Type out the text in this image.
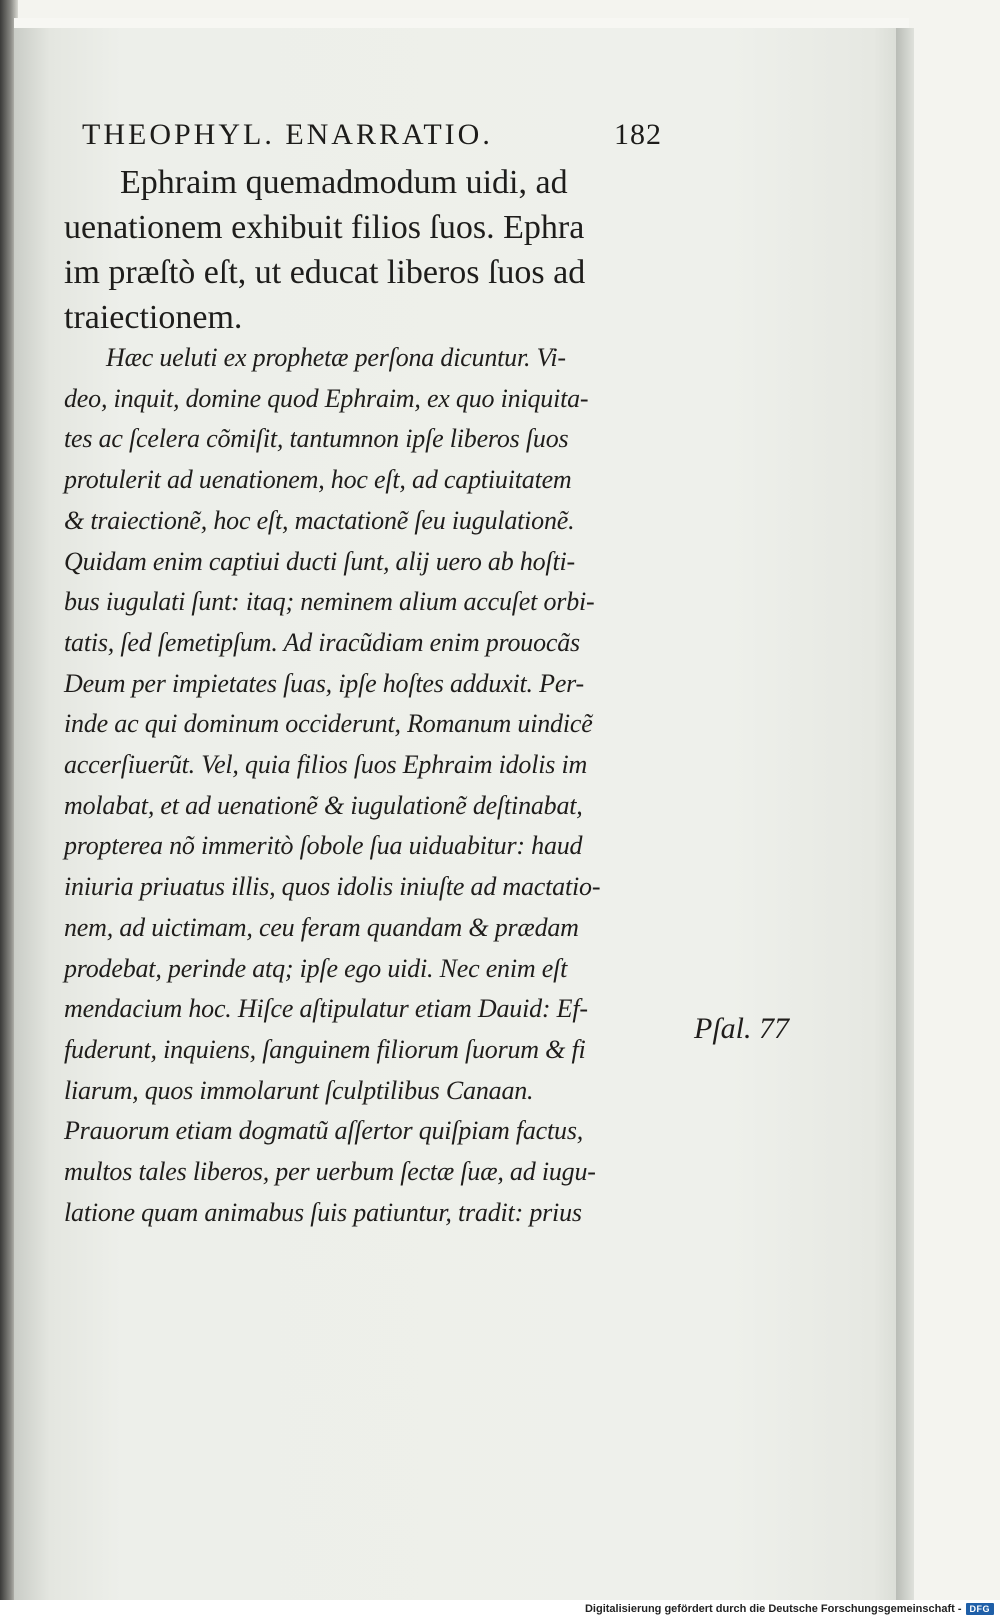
THEOPHYL. ENARRATIO.	182
Ephraim quemadmodum uidi, ad
uenationem exhibuit filios ſuos. Ephra
im præſtò eſt, ut educat liberos ſuos ad
traiectionem.
Hæc ueluti ex prophetæ perſona dicuntur. Vi-
deo, inquit, domine quod Ephraim, ex quo iniquita-
tes ac ſcelera cõmiſit, tantumnon ipſe liberos ſuos
protulerit ad uenationem, hoc eſt, ad captiuitatem
& traiectionẽ, hoc eſt, mactationẽ ſeu iugulationẽ.
Quidam enim captiui ducti ſunt, alij uero ab hoſti-
bus iugulati ſunt: itaq; neminem alium accuſet orbi-
tatis, ſed ſemetipſum. Ad iracũdiam enim prouocãs
Deum per impietates ſuas, ipſe hoſtes adduxit. Per-
inde ac qui dominum occiderunt, Romanum uindicẽ
accerſiuerũt. Vel, quia filios ſuos Ephraim idolis im
molabat, et ad uenationẽ & iugulationẽ deſtinabat,
propterea nõ immeritò ſobole ſua uiduabitur: haud
iniuria priuatus illis, quos idolis iniuſte ad mactatio-
nem, ad uictimam, ceu feram quandam & prædam
prodebat, perinde atq; ipſe ego uidi. Nec enim eſt
mendacium hoc. Hiſce aſtipulatur etiam Dauid: Ef-
fuderunt, inquiens, ſanguinem filiorum ſuorum & fi
liarum, quos immolarunt ſculptilibus Canaan.
Prauorum etiam dogmatũ aſſertor quiſpiam factus,
multos tales liberos, per uerbum ſectæ ſuæ, ad iugu-
latione quam animabus ſuis patiuntur, tradit: prius
Pſal. 77
Digitalisierung gefördert durch die Deutsche Forschungsgemeinschaft - DFG
